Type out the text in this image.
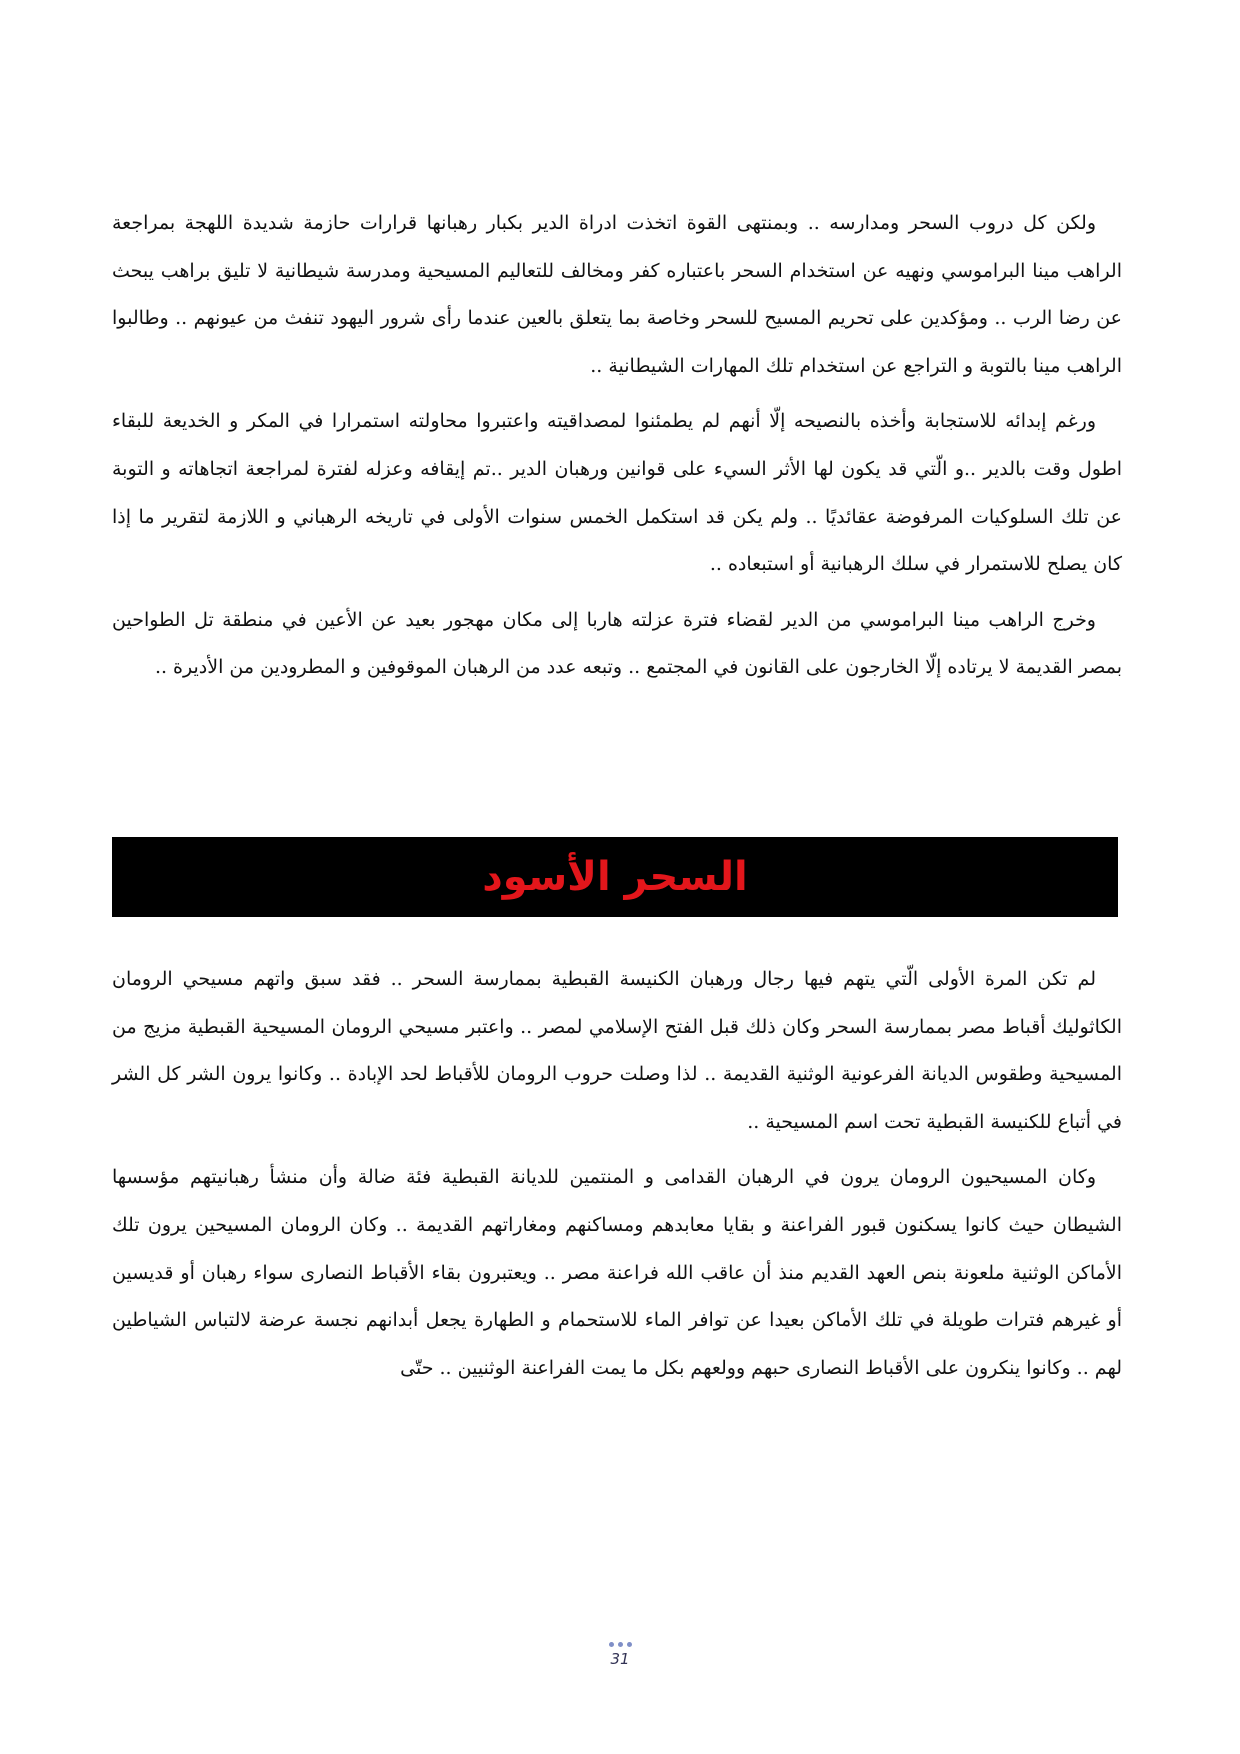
ولكن كل دروب السحر ومدارسه .. وبمنتهى القوة اتخذت ادراة الدير بكبار رهبانها قرارات حازمة شديدة اللهجة بمراجعة الراهب مينا البراموسي ونهيه عن استخدام السحر باعتباره كفر ومخالف للتعاليم المسيحية ومدرسة شيطانية لا تليق براهب يبحث عن رضا الرب .. ومؤكدين على تحريم المسيح للسحر وخاصة بما يتعلق بالعين عندما رأى شرور اليهود تنفث من عيونهم .. وطالبوا الراهب مينا بالتوبة و التراجع عن استخدام تلك المهارات الشيطانية ..

ورغم إبدائه للاستجابة وأخذه بالنصيحه إلّا أنهم لم يطمئنوا لمصداقيته واعتبروا محاولته استمرارا في المكر و الخديعة للبقاء اطول وقت بالدير ..و الّتي قد يكون لها الأثر السيء على قوانين ورهبان الدير ..تم إيقافه وعزله لفترة لمراجعة اتجاهاته و التوبة عن تلك السلوكيات المرفوضة عقائديًا .. ولم يكن قد استكمل الخمس سنوات الأولى في تاريخه الرهباني و اللازمة لتقرير ما إذا كان يصلح للاستمرار في سلك الرهبانية أو استبعاده ..

وخرج الراهب مينا البراموسي من الدير لقضاء فترة عزلته هاربا إلى مكان مهجور بعيد عن الأعين في منطقة تل الطواحين بمصر القديمة لا يرتاده إلّا الخارجون على القانون في المجتمع .. وتبعه عدد من الرهبان الموقوفين و المطرودين من الأديرة ..

السحر الأسود

لم تكن المرة الأولى الّتي يتهم فيها رجال ورهبان الكنيسة القبطية بممارسة السحر .. فقد سبق واتهم مسيحي الرومان الكاثوليك أقباط مصر بممارسة السحر وكان ذلك قبل الفتح الإسلامي لمصر .. واعتبر مسيحي الرومان المسيحية القبطية مزيج من المسيحية وطقوس الديانة الفرعونية الوثنية القديمة .. لذا وصلت حروب الرومان للأقباط لحد الإبادة .. وكانوا يرون الشر كل الشر في أتباع للكنيسة القبطية تحت اسم المسيحية ..

وكان المسيحيون الرومان يرون في الرهبان القدامى و المنتمين للديانة القبطية فئة ضالة وأن منشأ رهبانيتهم مؤسسها الشيطان حيث كانوا يسكنون قبور الفراعنة و بقايا معابدهم ومساكنهم ومغاراتهم القديمة .. وكان الرومان المسيحين يرون تلك الأماكن الوثنية ملعونة بنص العهد القديم منذ أن عاقب الله فراعنة مصر .. ويعتبرون بقاء الأقباط النصارى سواء رهبان أو قديسين أو غيرهم فترات طويلة في تلك الأماكن بعيدا عن توافر الماء للاستحمام و الطهارة يجعل أبدانهم نجسة عرضة لالتباس الشياطين لهم .. وكانوا ينكرون على الأقباط النصارى حبهم وولعهم بكل ما يمت الفراعنة الوثنيين .. حتّى

31
